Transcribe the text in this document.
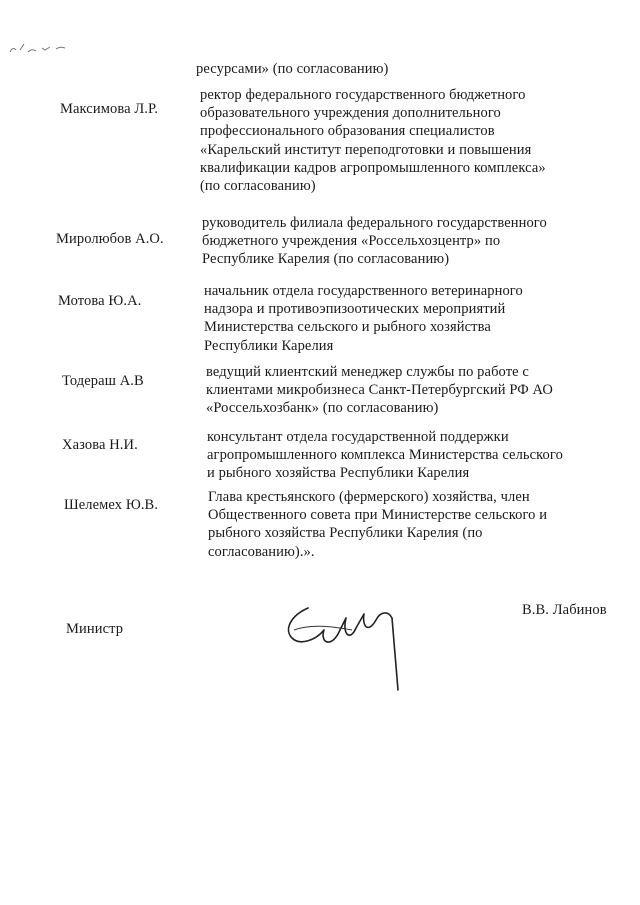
ресурсами» (по согласованию)
Максимова Л.Р.
ректор федерального государственного бюджетного
образовательного учреждения дополнительного
профессионального образования специалистов
«Карельский институт переподготовки и повышения
квалификации кадров агропромышленного комплекса»
(по согласованию)
Миролюбов А.О.
руководитель филиала федерального государственного
бюджетного учреждения «Россельхозцентр» по
Республике Карелия (по согласованию)
Мотова Ю.А.
начальник отдела государственного ветеринарного
надзора и противоэпизоотических мероприятий
Министерства сельского и рыбного хозяйства
Республики Карелия
Тодераш А.В
ведущий клиентский менеджер службы по работе с
клиентами микробизнеса Санкт-Петербургский РФ АО
«Россельхозбанк» (по согласованию)
Хазова Н.И.	консультант отдела государственной поддержки
агропромышленного комплекса Министерства сельского
и рыбного хозяйства Республики Карелия
Шелемех Ю.В.	Глава крестьянского (фермерского) хозяйства, член
Общественного совета при Министерстве сельского и
рыбного хозяйства Республики Карелия (по
согласованию).».
Министр
В.В. Лабинов
